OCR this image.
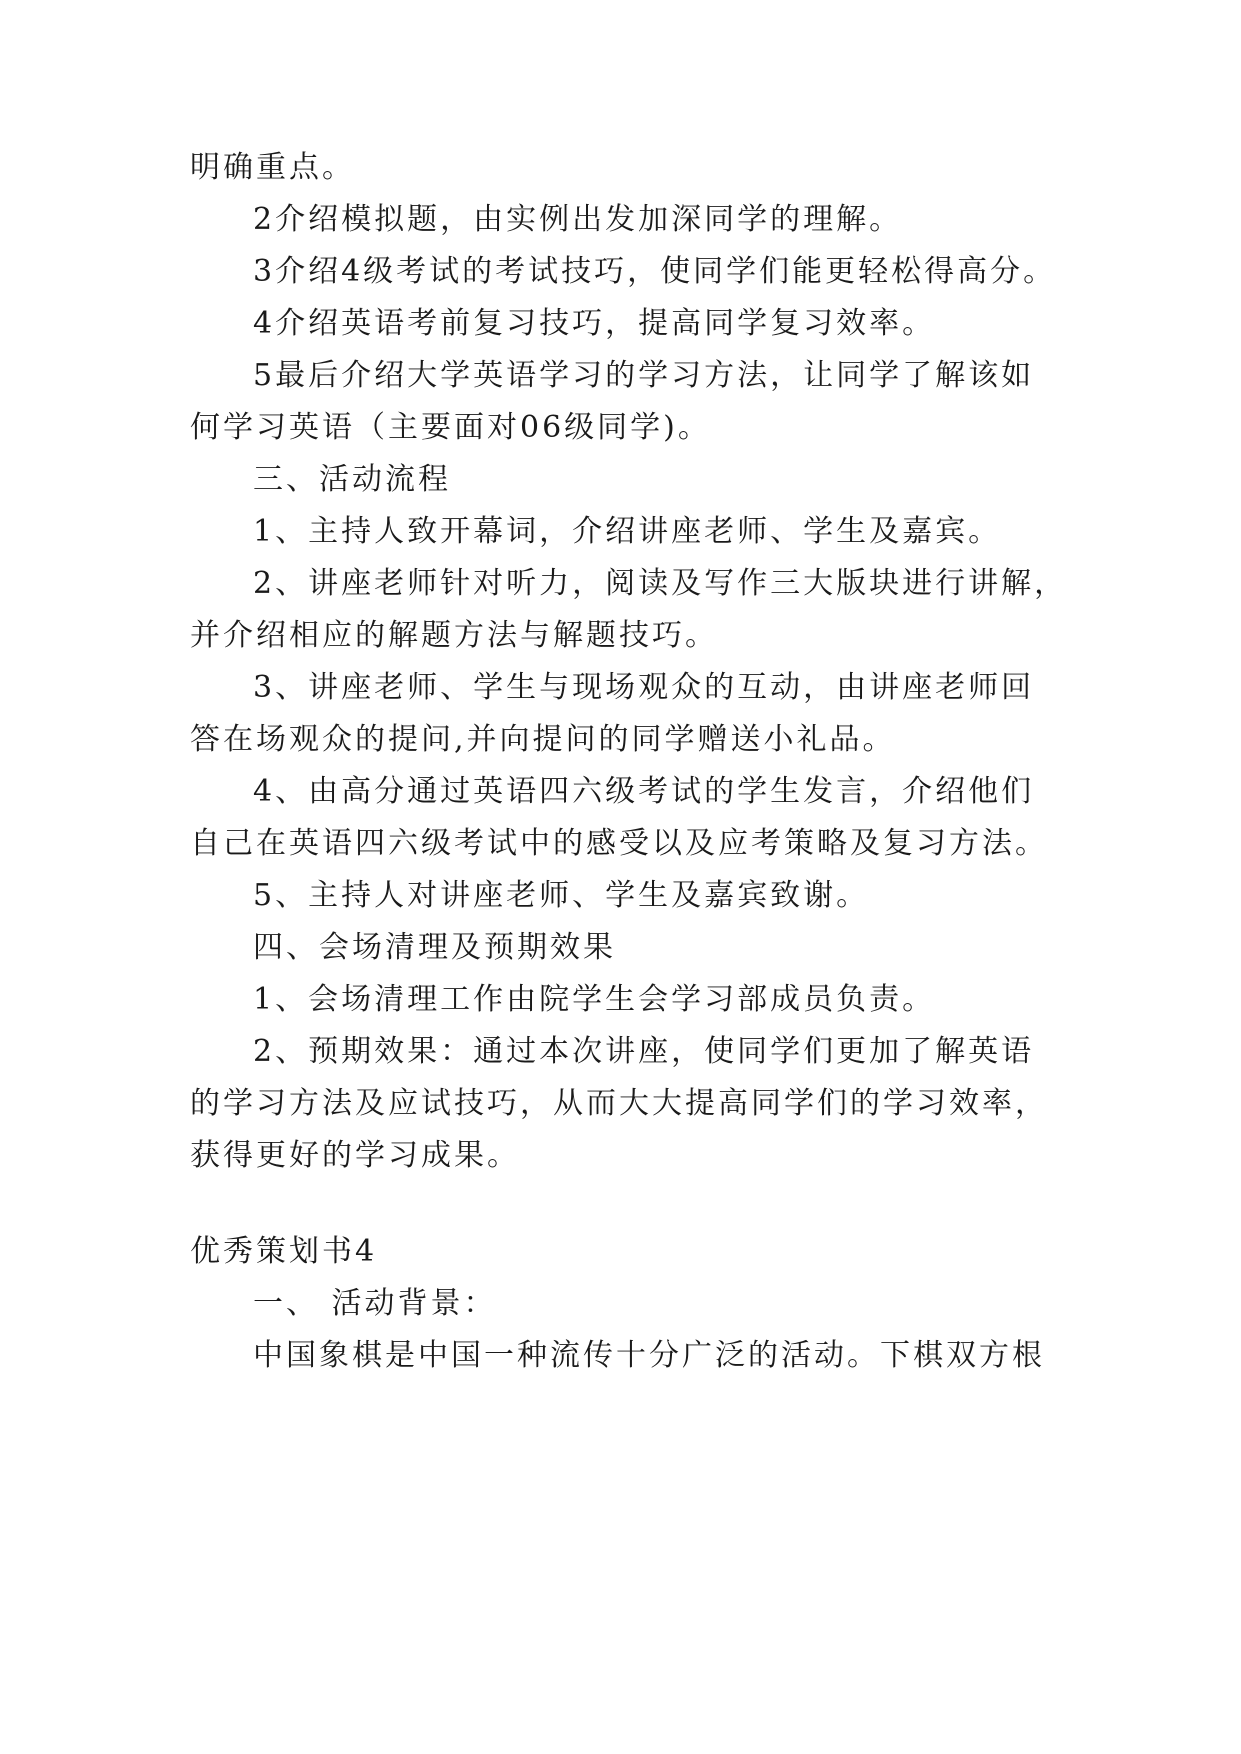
明确重点。
2介绍模拟题，由实例出发加深同学的理解。
3介绍4级考试的考试技巧，使同学们能更轻松得高分。
4介绍英语考前复习技巧，提高同学复习效率。
5最后介绍大学英语学习的学习方法，让同学了解该如
何学习英语（主要面对06级同学)。
三、活动流程
1、主持人致开幕词，介绍讲座老师、学生及嘉宾。
2、讲座老师针对听力，阅读及写作三大版块进行讲解，
并介绍相应的解题方法与解题技巧。
3、讲座老师、学生与现场观众的互动，由讲座老师回
答在场观众的提问,并向提问的同学赠送小礼品。
4、由高分通过英语四六级考试的学生发言，介绍他们
自己在英语四六级考试中的感受以及应考策略及复习方法。
5、主持人对讲座老师、学生及嘉宾致谢。
四、会场清理及预期效果
1、会场清理工作由院学生会学习部成员负责。
2、预期效果：通过本次讲座，使同学们更加了解英语
的学习方法及应试技巧，从而大大提高同学们的学习效率，
获得更好的学习成果。
优秀策划书4
一、 活动背景：
中国象棋是中国一种流传十分广泛的活动。下棋双方根
